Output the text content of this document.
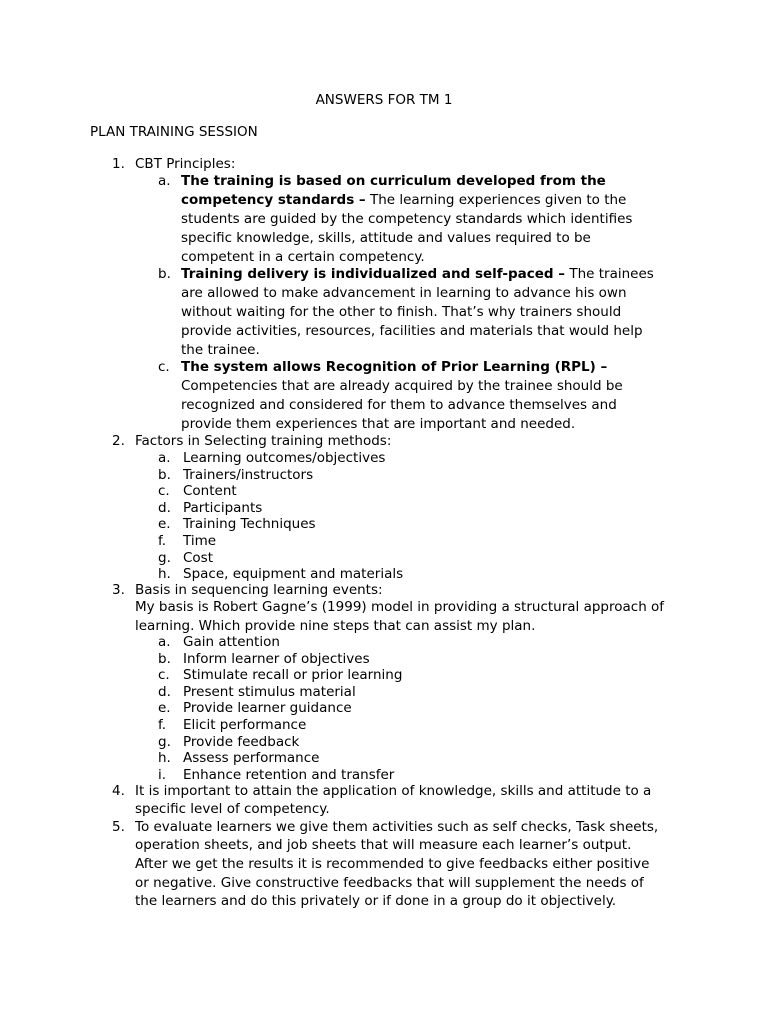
ANSWERS FOR TM 1
PLAN TRAINING SESSION
1. CBT Principles:
a. The training is based on curriculum developed from the
competency standards – The learning experiences given to the
students are guided by the competency standards which identifies
specific knowledge, skills, attitude and values required to be
competent in a certain competency.
b. Training delivery is individualized and self-paced – The trainees
are allowed to make advancement in learning to advance his own
without waiting for the other to finish. That’s why trainers should
provide activities, resources, facilities and materials that would help
the trainee.
c. The system allows Recognition of Prior Learning (RPL) –
Competencies that are already acquired by the trainee should be
recognized and considered for them to advance themselves and
provide them experiences that are important and needed.
2. Factors in Selecting training methods:
a. Learning outcomes/objectives
b. Trainers/instructors
c. Content
d. Participants
e. Training Techniques
f. Time
g. Cost
h. Space, equipment and materials
3. Basis in sequencing learning events:
My basis is Robert Gagne’s (1999) model in providing a structural approach of
learning. Which provide nine steps that can assist my plan.
a. Gain attention
b. Inform learner of objectives
c. Stimulate recall or prior learning
d. Present stimulus material
e. Provide learner guidance
f. Elicit performance
g. Provide feedback
h. Assess performance
i. Enhance retention and transfer
4. It is important to attain the application of knowledge, skills and attitude to a
specific level of competency.
5. To evaluate learners we give them activities such as self checks, Task sheets,
operation sheets, and job sheets that will measure each learner’s output.
After we get the results it is recommended to give feedbacks either positive
or negative. Give constructive feedbacks that will supplement the needs of
the learners and do this privately or if done in a group do it objectively.
